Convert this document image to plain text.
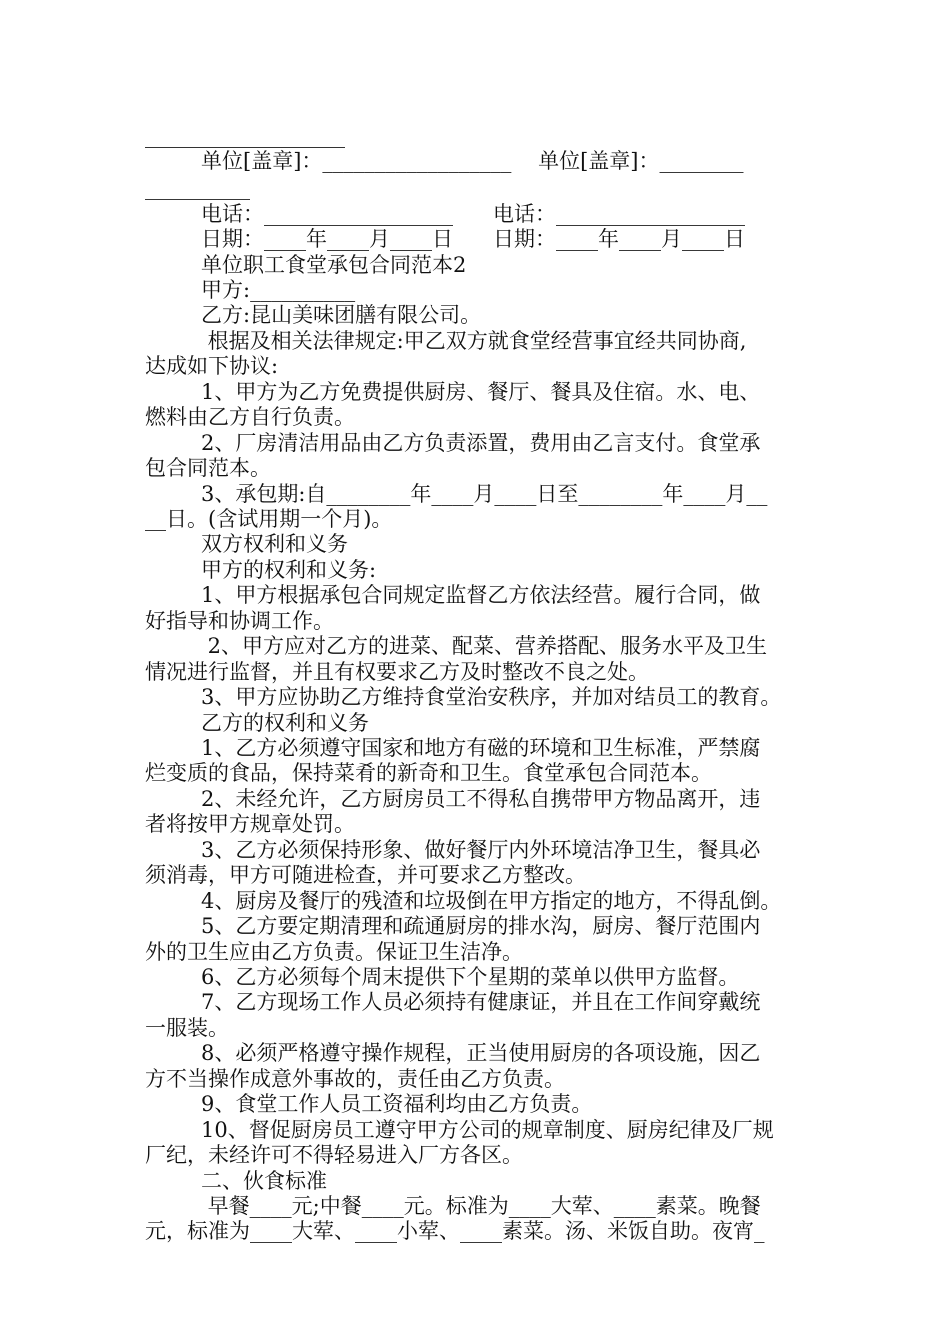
单位[盖章]：__________________    单位[盖章]：________

__________

电话：__________________      电话：__________________

日期：____年____月____日      日期：____年____月____日

单位职工食堂承包合同范本2

甲方:__________

乙方:昆山美味团膳有限公司。

根据及相关法律规定:甲乙双方就食堂经营事宜经共同协商,

达成如下协议:

1、甲方为乙方免费提供厨房、餐厅、餐具及住宿。水、电、

燃料由乙方自行负责。

2、厂房清洁用品由乙方负责添置，费用由乙言支付。食堂承

包合同范本。

3、承包期:自________年____月____日至________年____月__

__日。(含试用期一个月)。

双方权利和义务

甲方的权利和义务:

1、甲方根据承包合同规定监督乙方依法经营。履行合同，做

好指导和协调工作。

2、甲方应对乙方的进菜、配菜、营养搭配、服务水平及卫生

情况进行监督，并且有权要求乙方及时整改不良之处。

3、甲方应协助乙方维持食堂治安秩序，并加对结员工的教育。

乙方的权利和义务

1、乙方必须遵守国家和地方有磁的环境和卫生标准，严禁腐

烂变质的食品，保持菜肴的新奇和卫生。食堂承包合同范本。

2、未经允许，乙方厨房员工不得私自携带甲方物品离开，违

者将按甲方规章处罚。

3、乙方必须保持形象、做好餐厅内外环境洁净卫生，餐具必

须消毒，甲方可随进检查，并可要求乙方整改。

4、厨房及餐厅的残渣和垃圾倒在甲方指定的地方，不得乱倒。

5、乙方要定期清理和疏通厨房的排水沟，厨房、餐厅范围内

外的卫生应由乙方负责。保证卫生洁净。

6、乙方必须每个周末提供下个星期的菜单以供甲方监督。

7、乙方现场工作人员必须持有健康证，并且在工作间穿戴统

一服装。

8、必须严格遵守操作规程，正当使用厨房的各项设施，因乙

方不当操作成意外事故的，责任由乙方负责。

9、食堂工作人员工资福利均由乙方负责。

10、督促厨房员工遵守甲方公司的规章制度、厨房纪律及厂规

厂纪，未经许可不得轻易进入厂方各区。

二、伙食标准

早餐____元;中餐____元。标准为____大荤、____素菜。晚餐

元，标准为____大荤、____小荤、____素菜。汤、米饭自助。夜宵_
